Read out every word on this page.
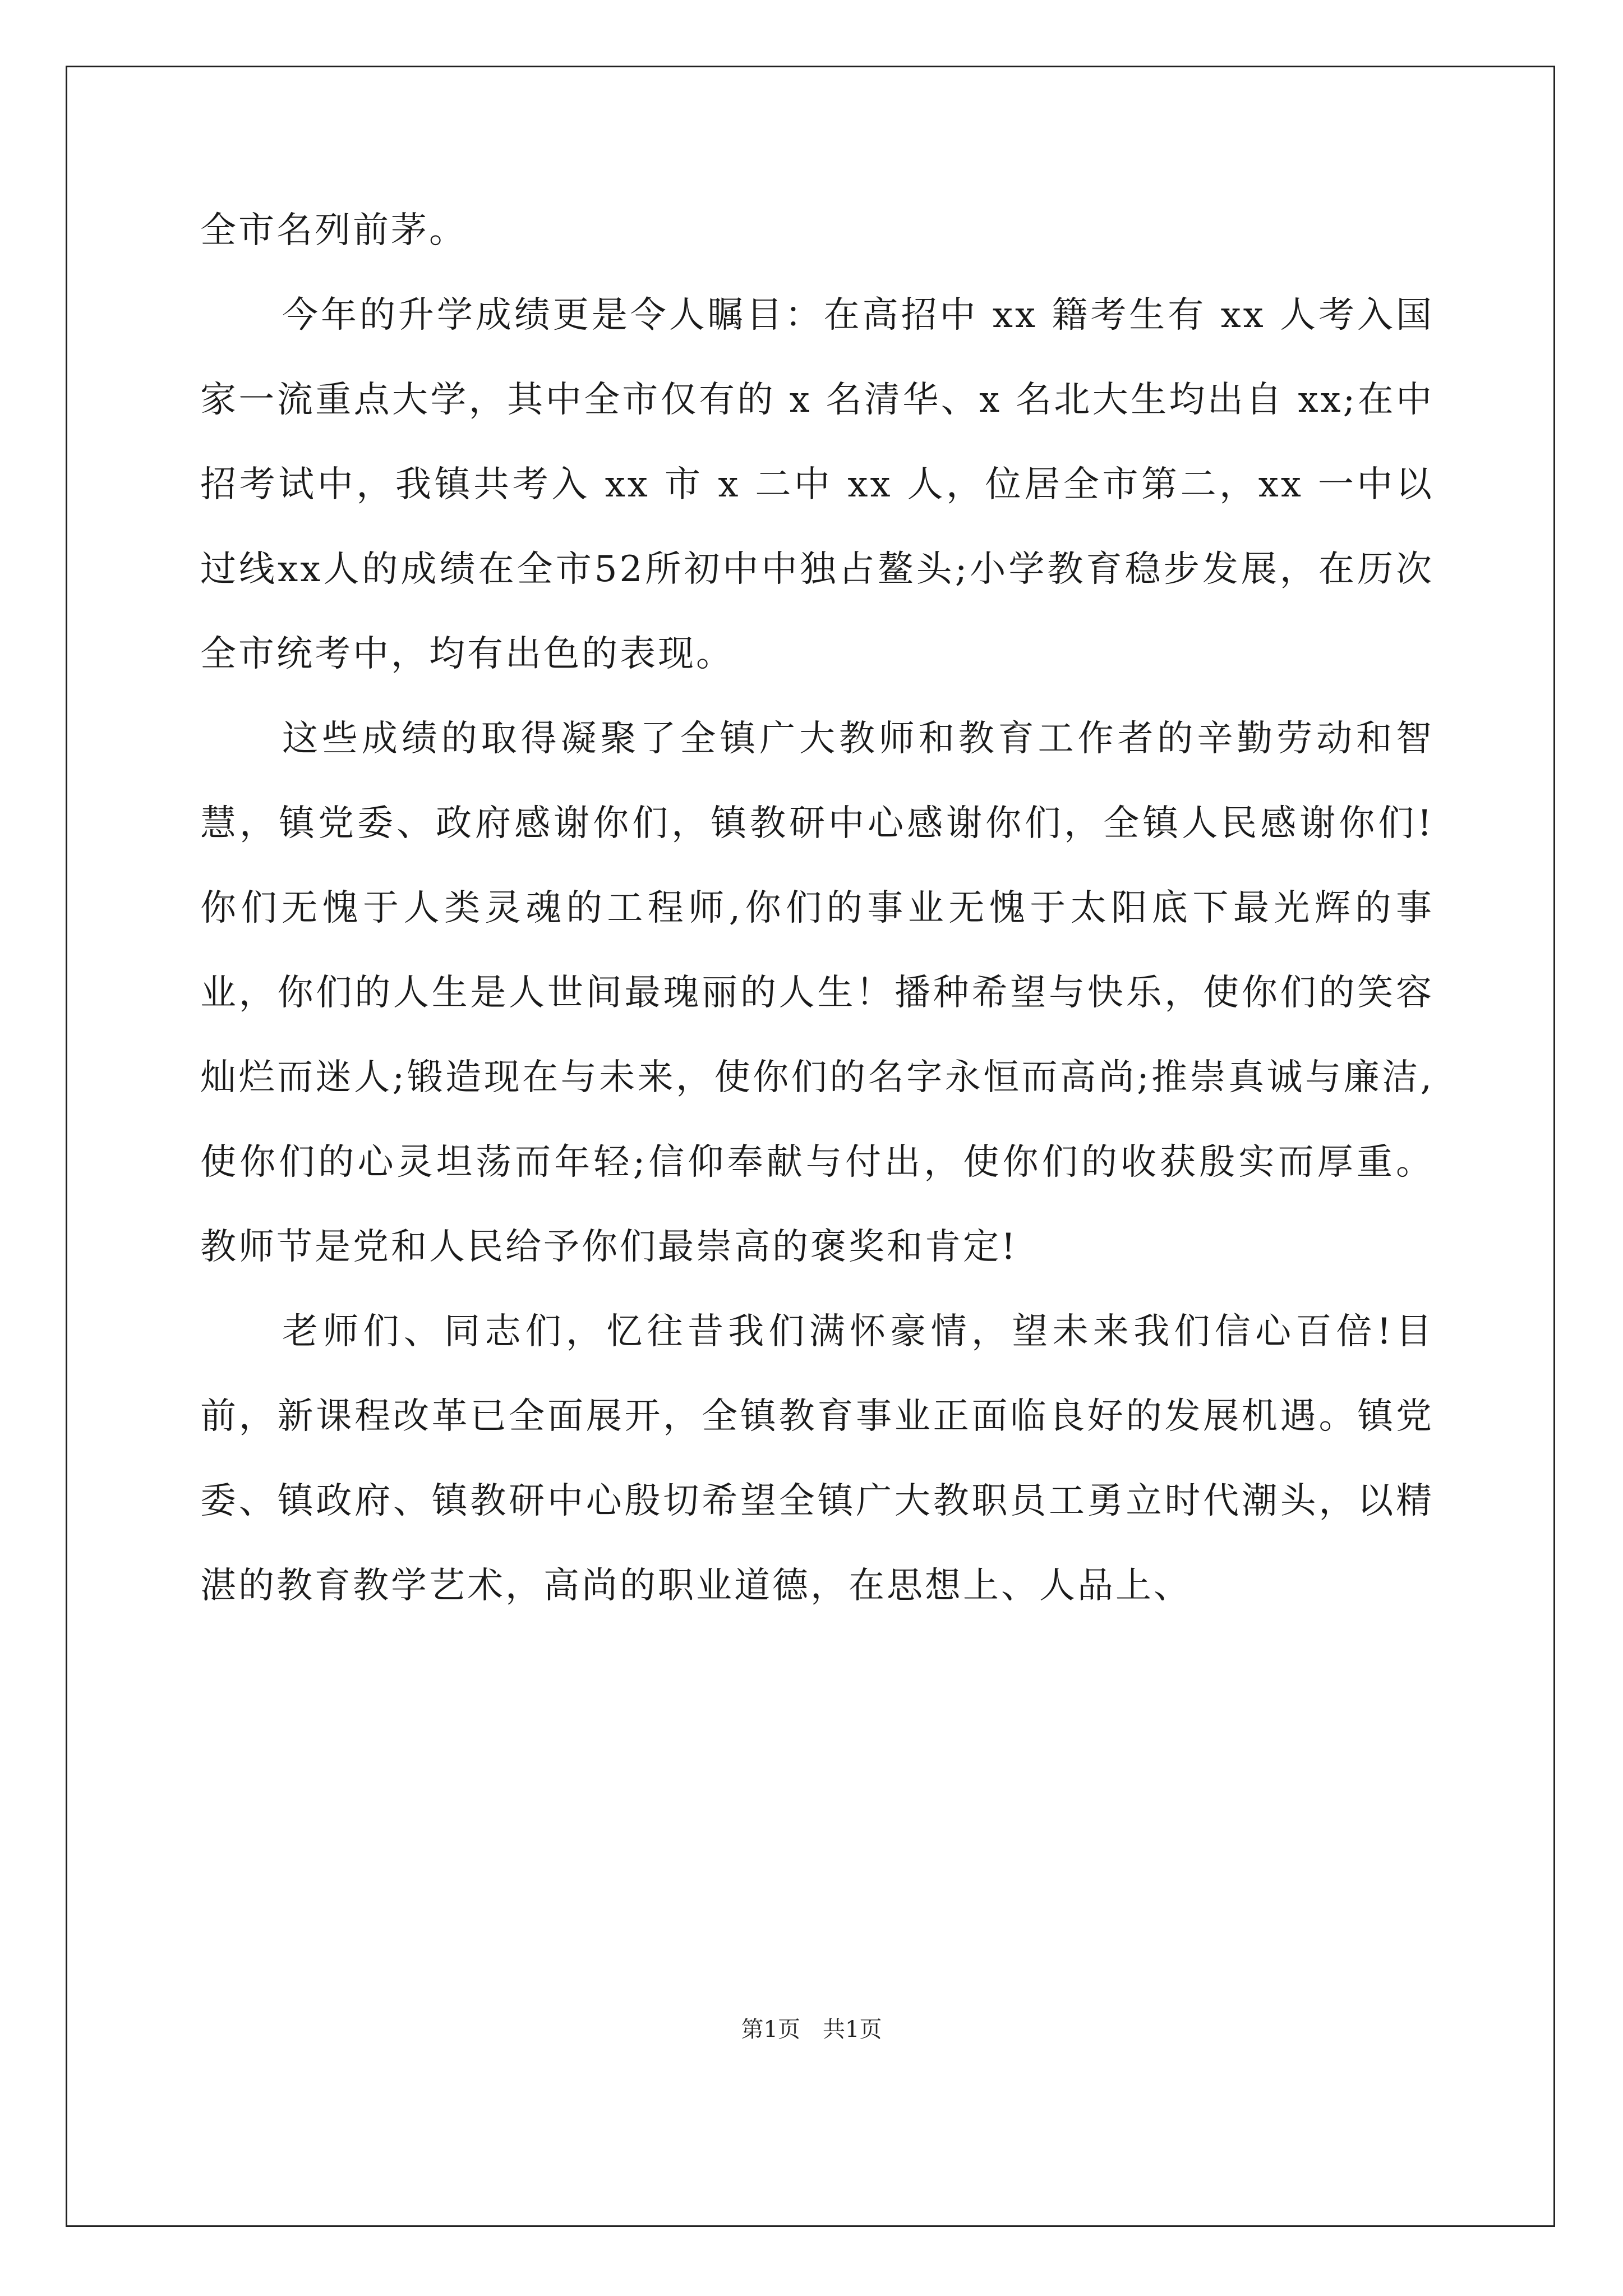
全市名列前茅。

今年的升学成绩更是令人瞩目：在高招中 xx 籍考生有 xx 人考入国家一流重点大学，其中全市仅有的 x 名清华、x 名北大生均出自 xx;在中招考试中，我镇共考入 xx 市 x 二中 xx 人，位居全市第二，xx 一中以过线xx人的成绩在全市52所初中中独占鳌头;小学教育稳步发展，在历次全市统考中，均有出色的表现。

这些成绩的取得凝聚了全镇广大教师和教育工作者的辛勤劳动和智慧，镇党委、政府感谢你们，镇教研中心感谢你们，全镇人民感谢你们!你们无愧于人类灵魂的工程师,你们的事业无愧于太阳底下最光辉的事业，你们的人生是人世间最瑰丽的人生！播种希望与快乐，使你们的笑容灿烂而迷人;锻造现在与未来，使你们的名字永恒而高尚;推崇真诚与廉洁,使你们的心灵坦荡而年轻;信仰奉献与付出，使你们的收获殷实而厚重。教师节是党和人民给予你们最崇高的褒奖和肯定!

老师们、同志们，忆往昔我们满怀豪情，望未来我们信心百倍!目前，新课程改革已全面展开，全镇教育事业正面临良好的发展机遇。镇党委、镇政府、镇教研中心殷切希望全镇广大教职员工勇立时代潮头，以精湛的教育教学艺术，高尚的职业道德，在思想上、人品上、

第1页 共1页
